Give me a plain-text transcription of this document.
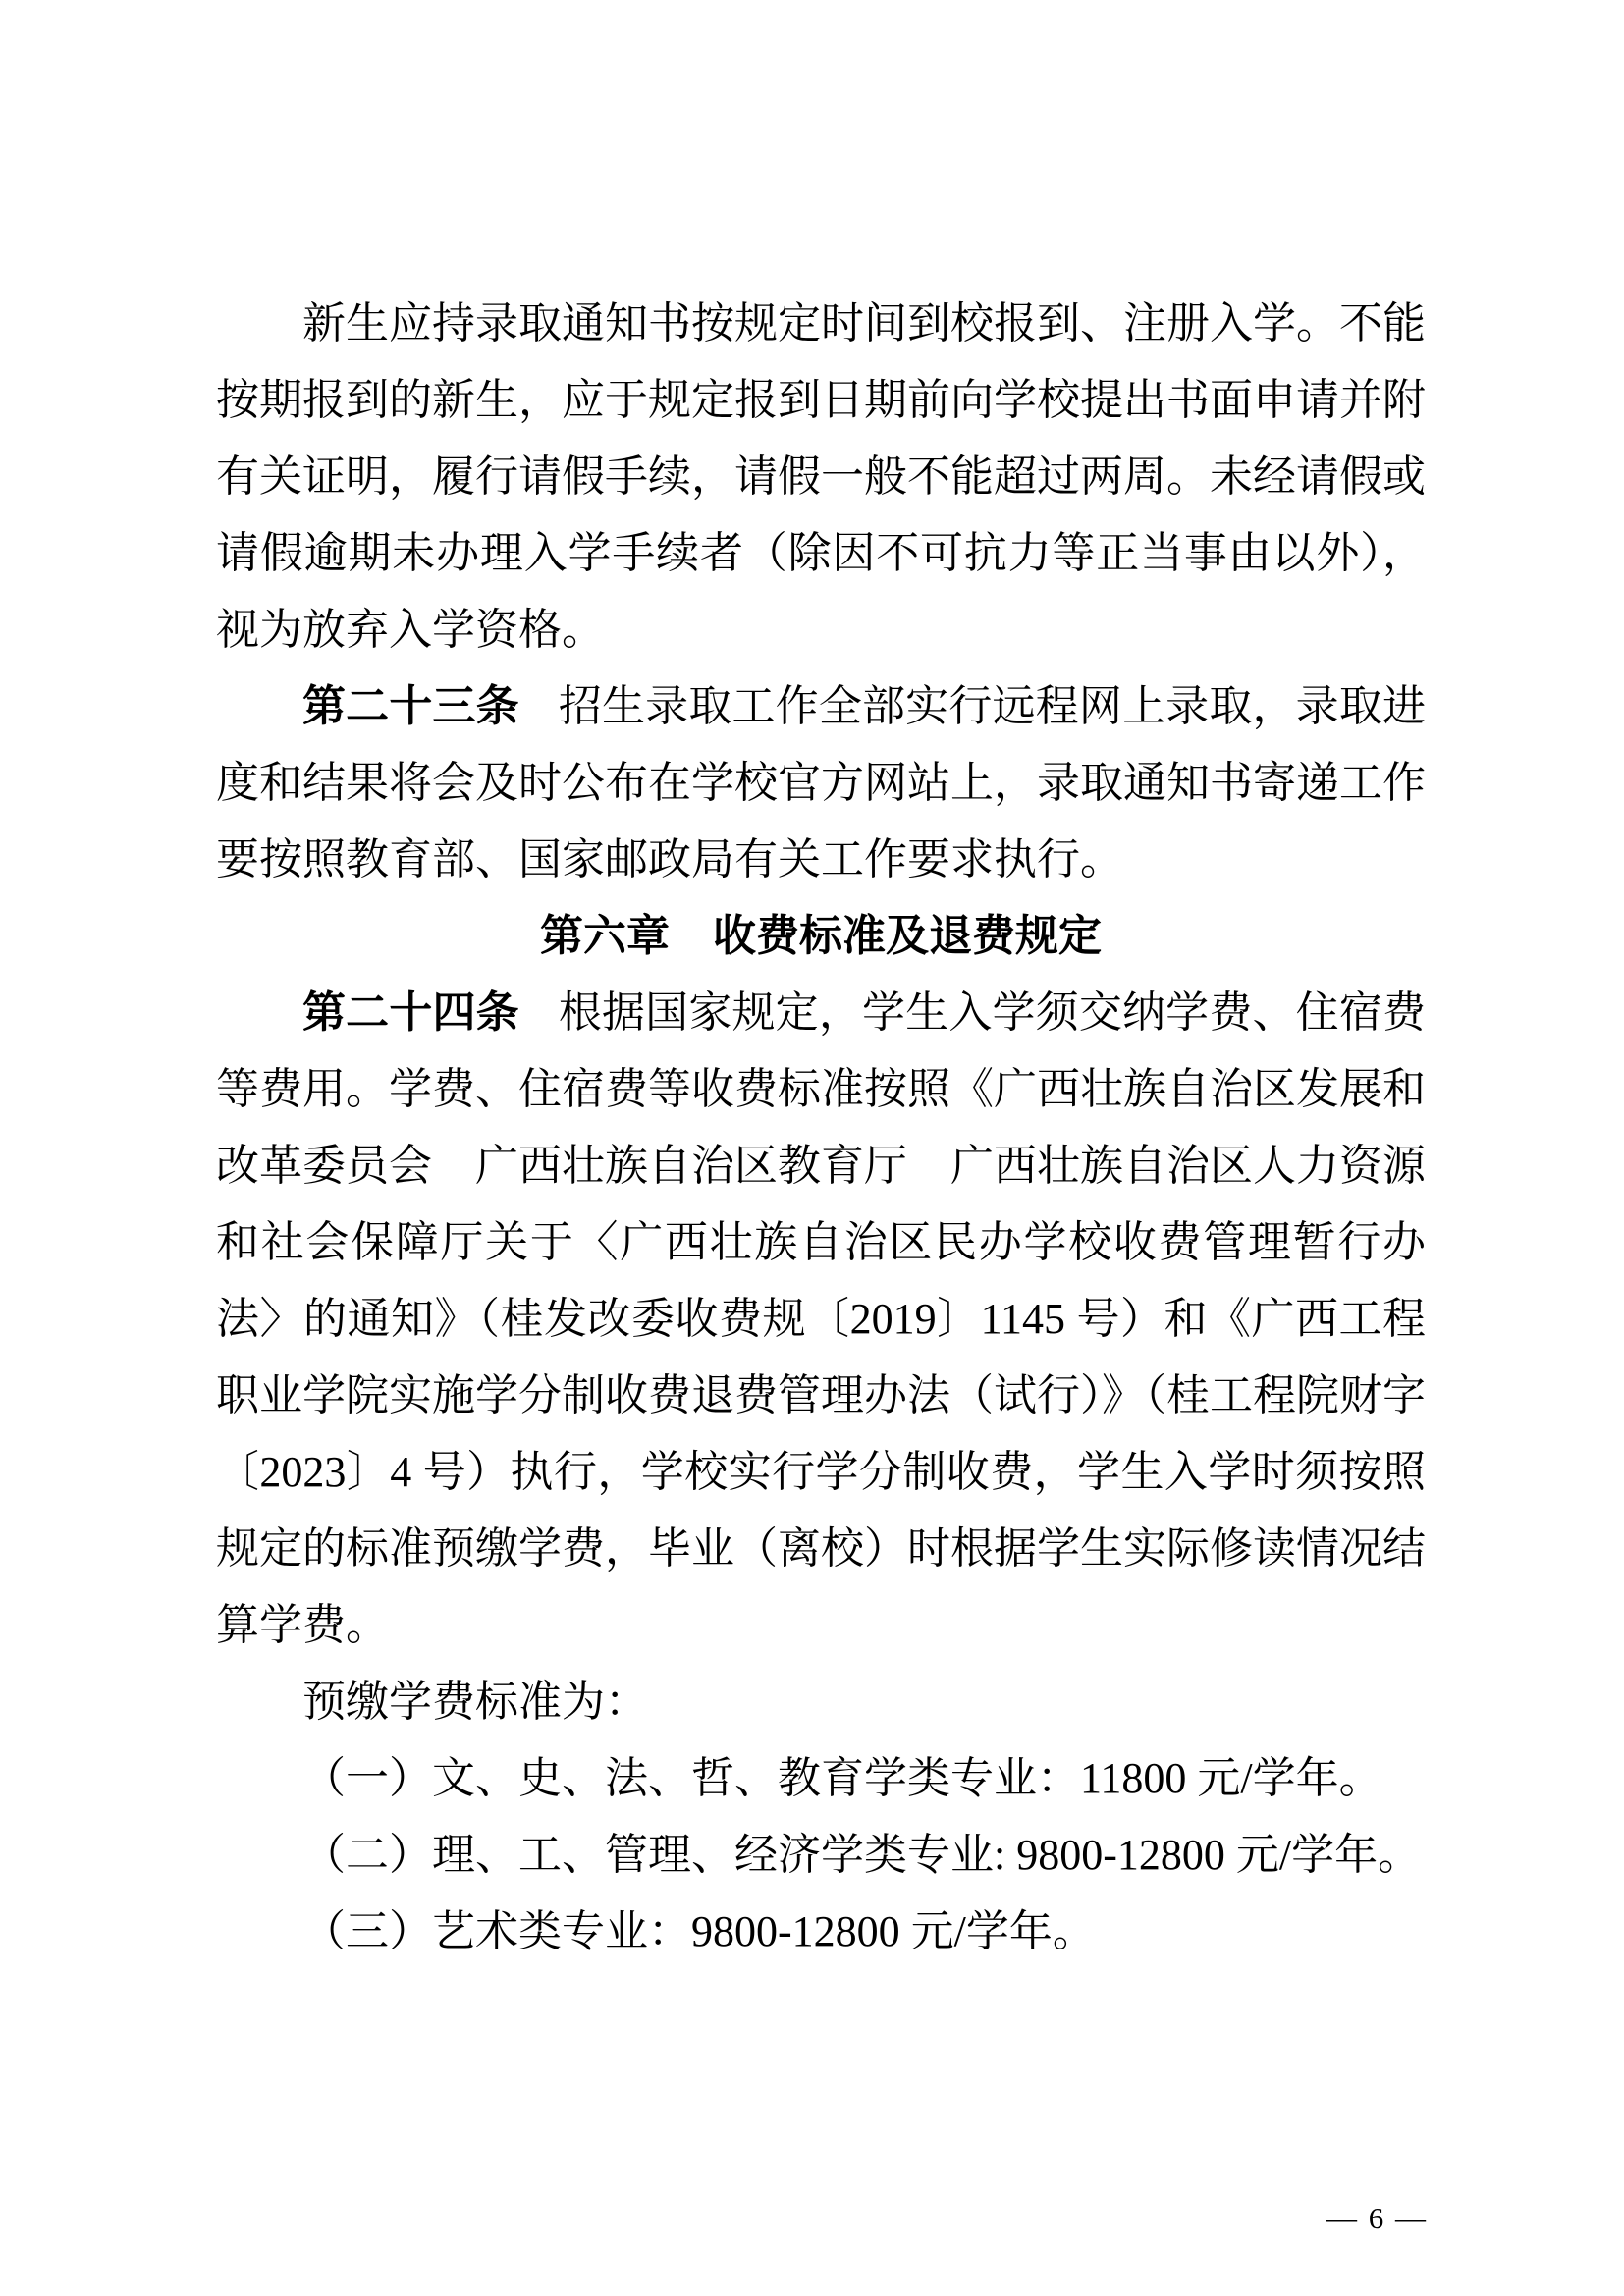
新生应持录取通知书按规定时间到校报到、注册入学。不能按期报到的新生，应于规定报到日期前向学校提出书面申请并附有关证明，履行请假手续，请假一般不能超过两周。未经请假或请假逾期未办理入学手续者（除因不可抗力等正当事由以外），视为放弃入学资格。

第二十三条 招生录取工作全部实行远程网上录取，录取进度和结果将会及时公布在学校官方网站上，录取通知书寄递工作要按照教育部、国家邮政局有关工作要求执行。

第六章　收费标准及退费规定

第二十四条 根据国家规定，学生入学须交纳学费、住宿费等费用。学费、住宿费等收费标准按照《广西壮族自治区发展和改革委员会　广西壮族自治区教育厅　广西壮族自治区人力资源和社会保障厅关于〈广西壮族自治区民办学校收费管理暂行办法〉的通知》（桂发改委收费规〔2019〕1145 号）和《广西工程职业学院实施学分制收费退费管理办法（试行）》（桂工程院财字〔2023〕4 号）执行，学校实行学分制收费，学生入学时须按照规定的标准预缴学费，毕业（离校）时根据学生实际修读情况结算学费。

预缴学费标准为：

（一）文、史、法、哲、教育学类专业：11800 元/学年。

（二）理、工、管理、经济学类专业: 9800-12800 元/学年。

（三）艺术类专业：9800-12800 元/学年。

— 6 —
